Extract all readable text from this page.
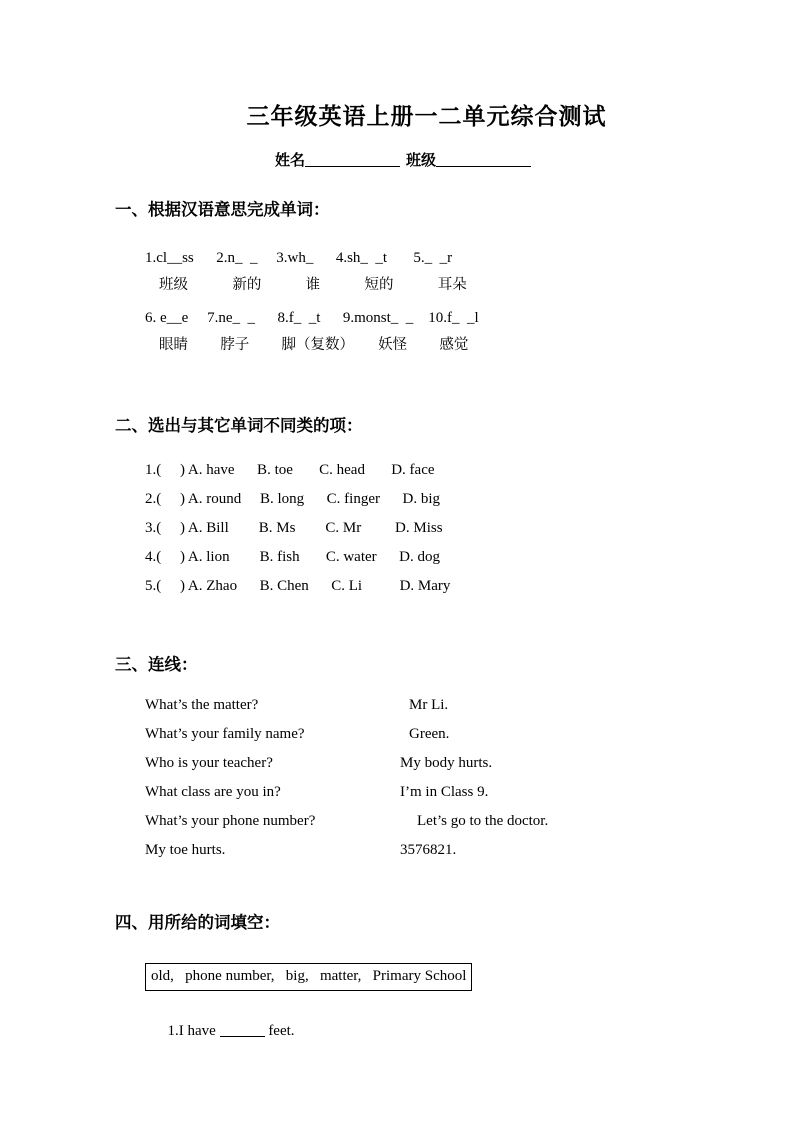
三年级英语上册一二单元综合测试
姓名	班级
一、根据汉语意思完成单词：
1.cl__ss      2.n_  _     3.wh_      4.sh_  _t       5._  _r
班级           新的           谁           短的           耳朵
6. e__e     7.ne_  _      8.f_  _t      9.monst_  _    10.f_  _l
眼睛        脖子        脚（复数）      妖怪        感觉
二、选出与其它单词不同类的项：
1.(     ) A. have      B. toe       C. head       D. face
2.(     ) A. round     B. long      C. finger      D. big
3.(     ) A. Bill        B. Ms        C. Mr         D. Miss
4.(     ) A. lion        B. fish       C. water      D. dog
5.(     ) A. Zhao      B. Chen      C. Li          D. Mary
三、连线：
What’s the matter?	Mr Li.
What’s your family name?	Green.
Who is your teacher?	My body hurts.
What class are you in?	I’m in Class 9.
What’s your phone number?	Let’s go to the doctor.
My toe hurts.	3576821.
四、用所给的词填空：
old,   phone number,   big,   matter,   Primary School

1.I have	feet.
